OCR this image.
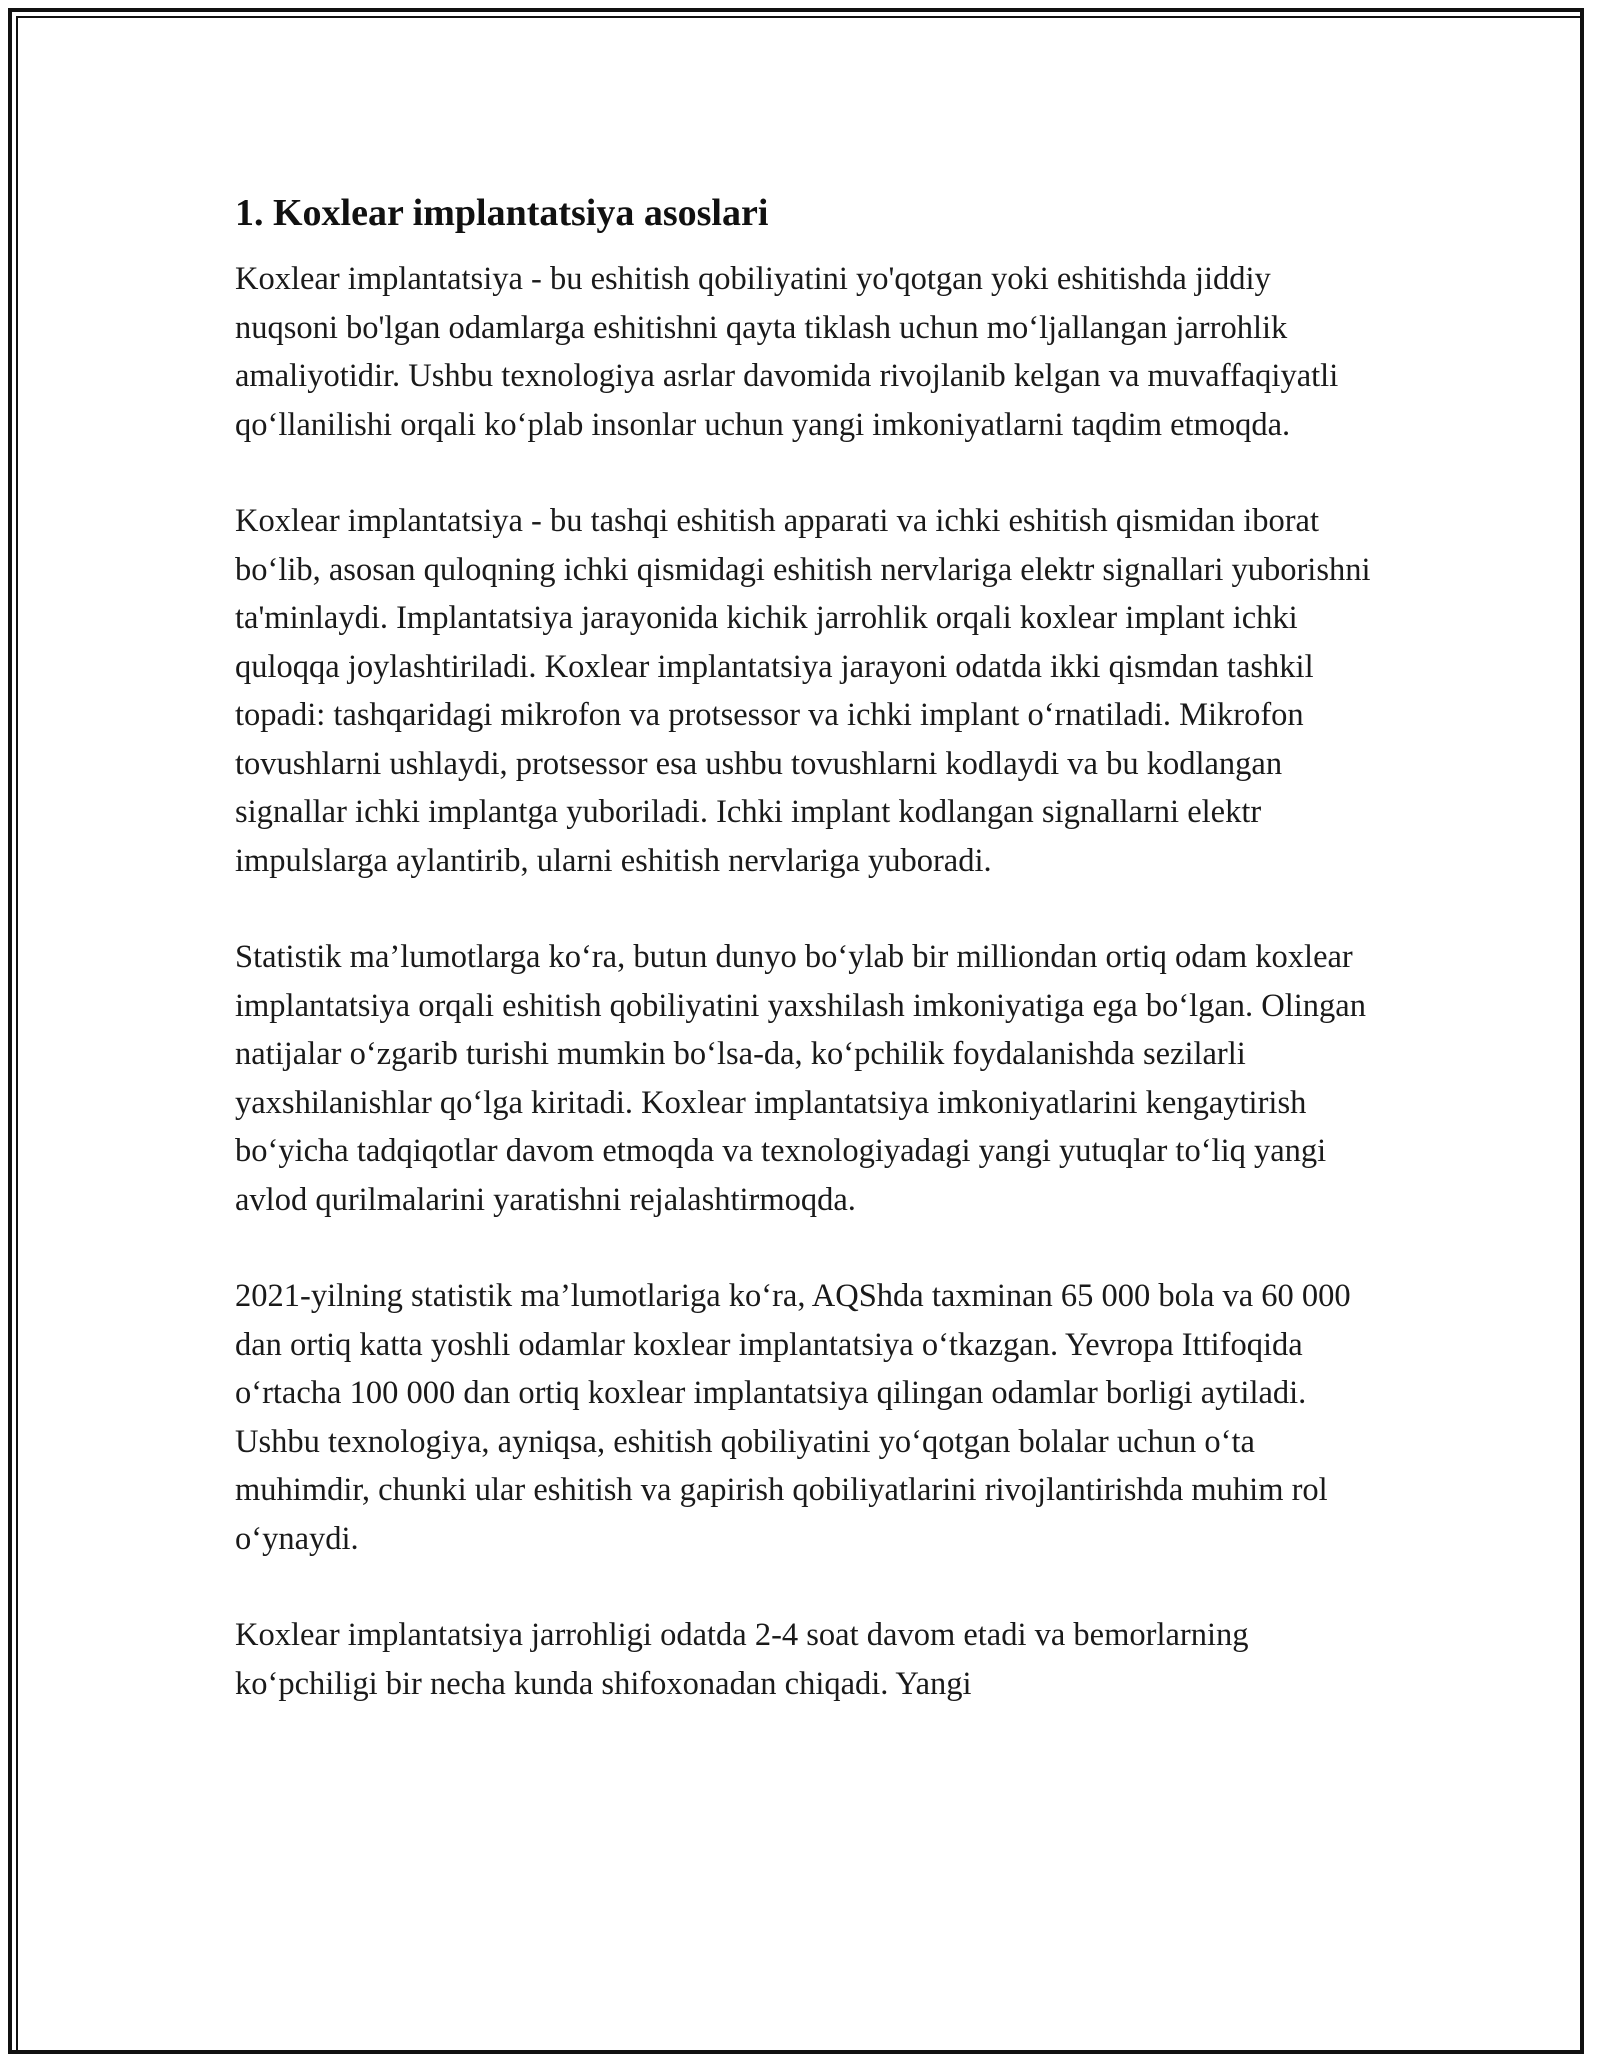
1. Koxlear implantatsiya asoslari

Koxlear implantatsiya - bu eshitish qobiliyatini yo'qotgan yoki eshitishda jiddiy nuqsoni bo'lgan odamlarga eshitishni qayta tiklash uchun mo‘ljallangan jarrohlik amaliyotidir. Ushbu texnologiya asrlar davomida rivojlanib kelgan va muvaffaqiyatli qo‘llanilishi orqali ko‘plab insonlar uchun yangi imkoniyatlarni taqdim etmoqda.

Koxlear implantatsiya - bu tashqi eshitish apparati va ichki eshitish qismidan iborat bo‘lib, asosan quloqning ichki qismidagi eshitish nervlariga elektr signallari yuborishni ta'minlaydi. Implantatsiya jarayonida kichik jarrohlik orqali koxlear implant ichki quloqqa joylashtiriladi. Koxlear implantatsiya jarayoni odatda ikki qismdan tashkil topadi: tashqaridagi mikrofon va protsessor va ichki implant o‘rnatiladi. Mikrofon tovushlarni ushlaydi, protsessor esa ushbu tovushlarni kodlaydi va bu kodlangan signallar ichki implantga yuboriladi. Ichki implant kodlangan signallarni elektr impulslarga aylantirib, ularni eshitish nervlariga yuboradi.

Statistik ma’lumotlarga ko‘ra, butun dunyo bo‘ylab bir milliondan ortiq odam koxlear implantatsiya orqali eshitish qobiliyatini yaxshilash imkoniyatiga ega bo‘lgan. Olingan natijalar o‘zgarib turishi mumkin bo‘lsa-da, ko‘pchilik foydalanishda sezilarli yaxshilanishlar qo‘lga kiritadi. Koxlear implantatsiya imkoniyatlarini kengaytirish bo‘yicha tadqiqotlar davom etmoqda va texnologiyadagi yangi yutuqlar to‘liq yangi avlod qurilmalarini yaratishni rejalashtirmoqda.

2021-yilning statistik ma’lumotlariga ko‘ra, AQShda taxminan 65 000 bola va 60 000 dan ortiq katta yoshli odamlar koxlear implantatsiya o‘tkazgan. Yevropa Ittifoqida o‘rtacha 100 000 dan ortiq koxlear implantatsiya qilingan odamlar borligi aytiladi. Ushbu texnologiya, ayniqsa, eshitish qobiliyatini yo‘qotgan bolalar uchun o‘ta muhimdir, chunki ular eshitish va gapirish qobiliyatlarini rivojlantirishda muhim rol o‘ynaydi.

Koxlear implantatsiya jarrohligi odatda 2-4 soat davom etadi va bemorlarning ko‘pchiligi bir necha kunda shifoxonadan chiqadi. Yangi
